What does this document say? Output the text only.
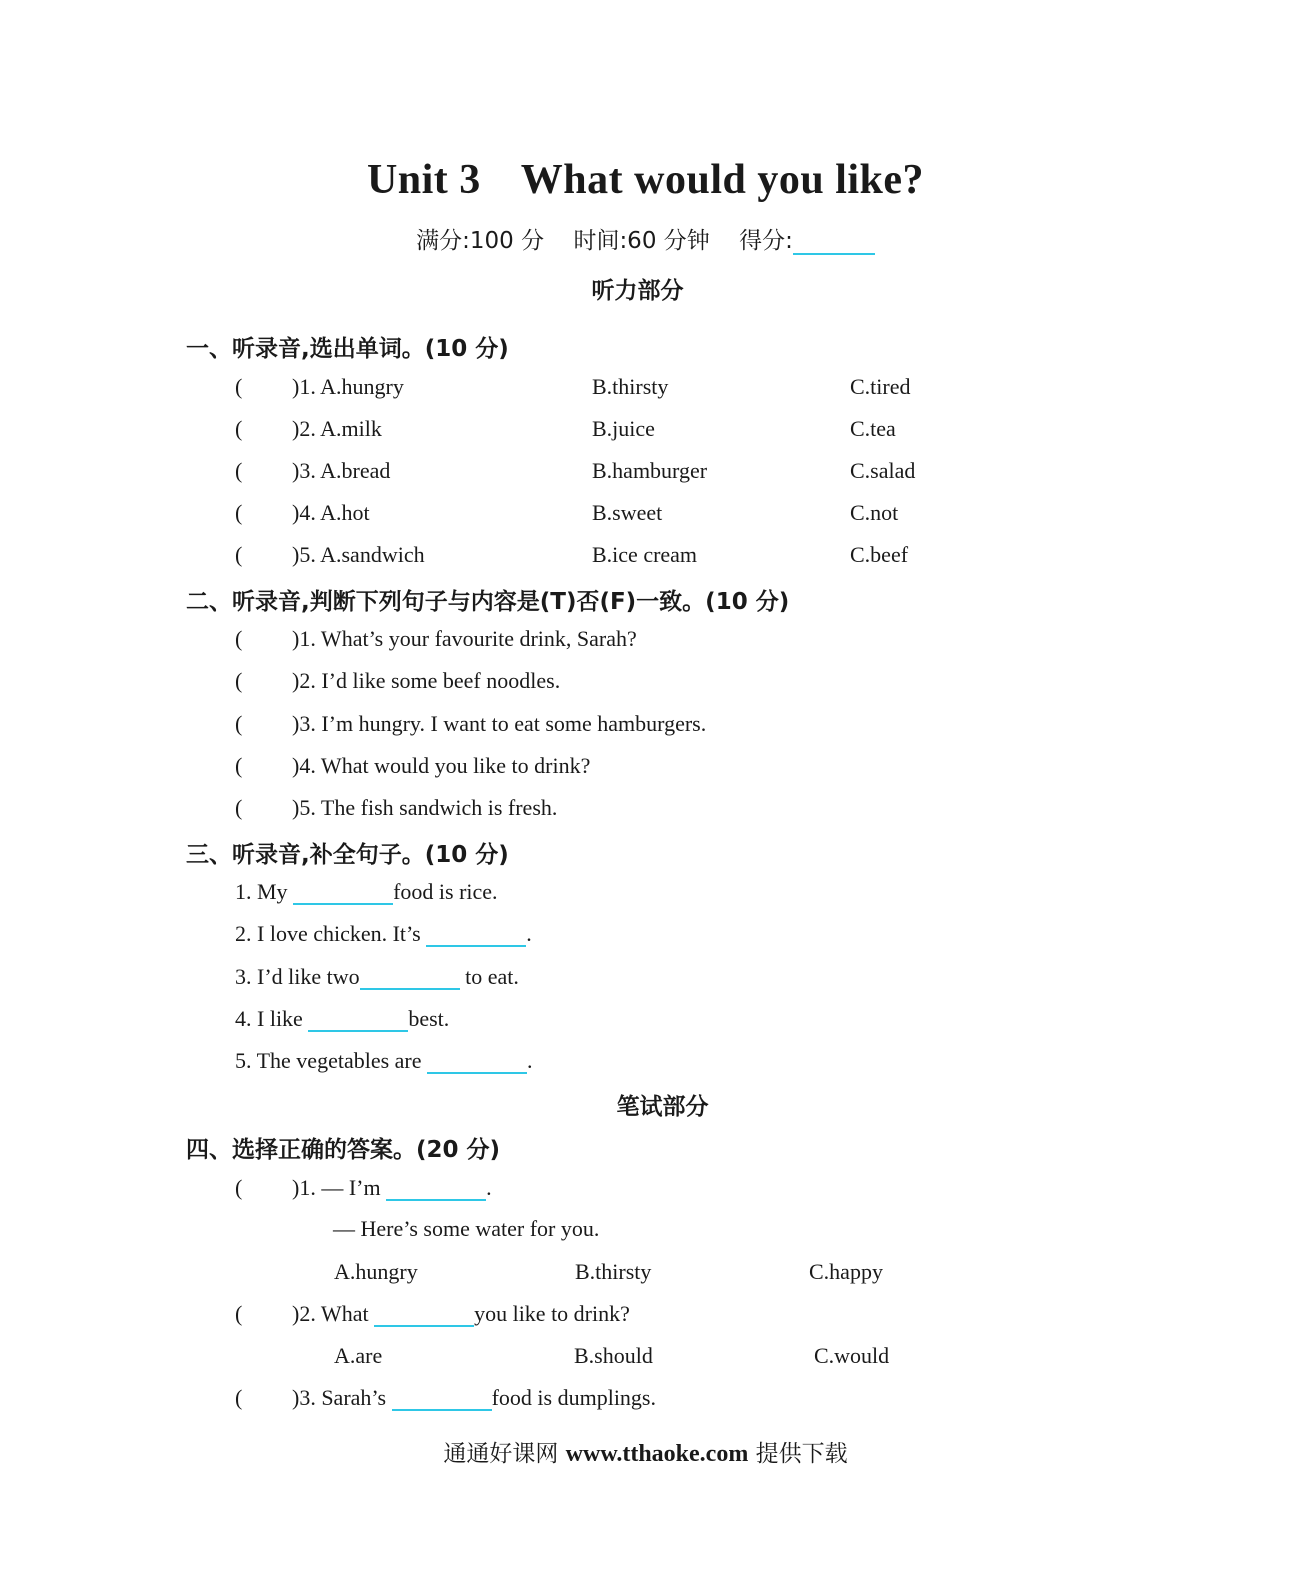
Unit 3 What would you like?
满分:100 分 时间:60 分钟 得分:
听力部分
一、听录音,选出单词。(10 分)
( )1. A.hungry	B.thirsty	C.tired
( )2. A.milk	B.juice	C.tea
( )3. A.bread	B.hamburger	C.salad
( )4. A.hot	B.sweet	C.not
( )5. A.sandwich	B.ice cream	C.beef
二、听录音,判断下列句子与内容是(T)否(F)一致。(10 分)
( )1. What’s your favourite drink, Sarah?
( )2. I’d like some beef noodles.
( )3. I’m hungry. I want to eat some hamburgers.
( )4. What would you like to drink?
( )5. The fish sandwich is fresh.
三、听录音,补全句子。(10 分)
1. My	food is rice.
2. I love chicken. It’s	.
3. I’d like two	to eat.
4. I like	best.
5. The vegetables are	.
笔试部分
四、选择正确的答案。(20 分)
( )1. — I’m	.
— Here’s some water for you.
A.hungry	B.thirsty	C.happy
( )2. What	you like to drink?
A.are	B.should	C.would
( )3. Sarah’s	food is dumplings.
通通好课网 www.tthaoke.com 提供下载
